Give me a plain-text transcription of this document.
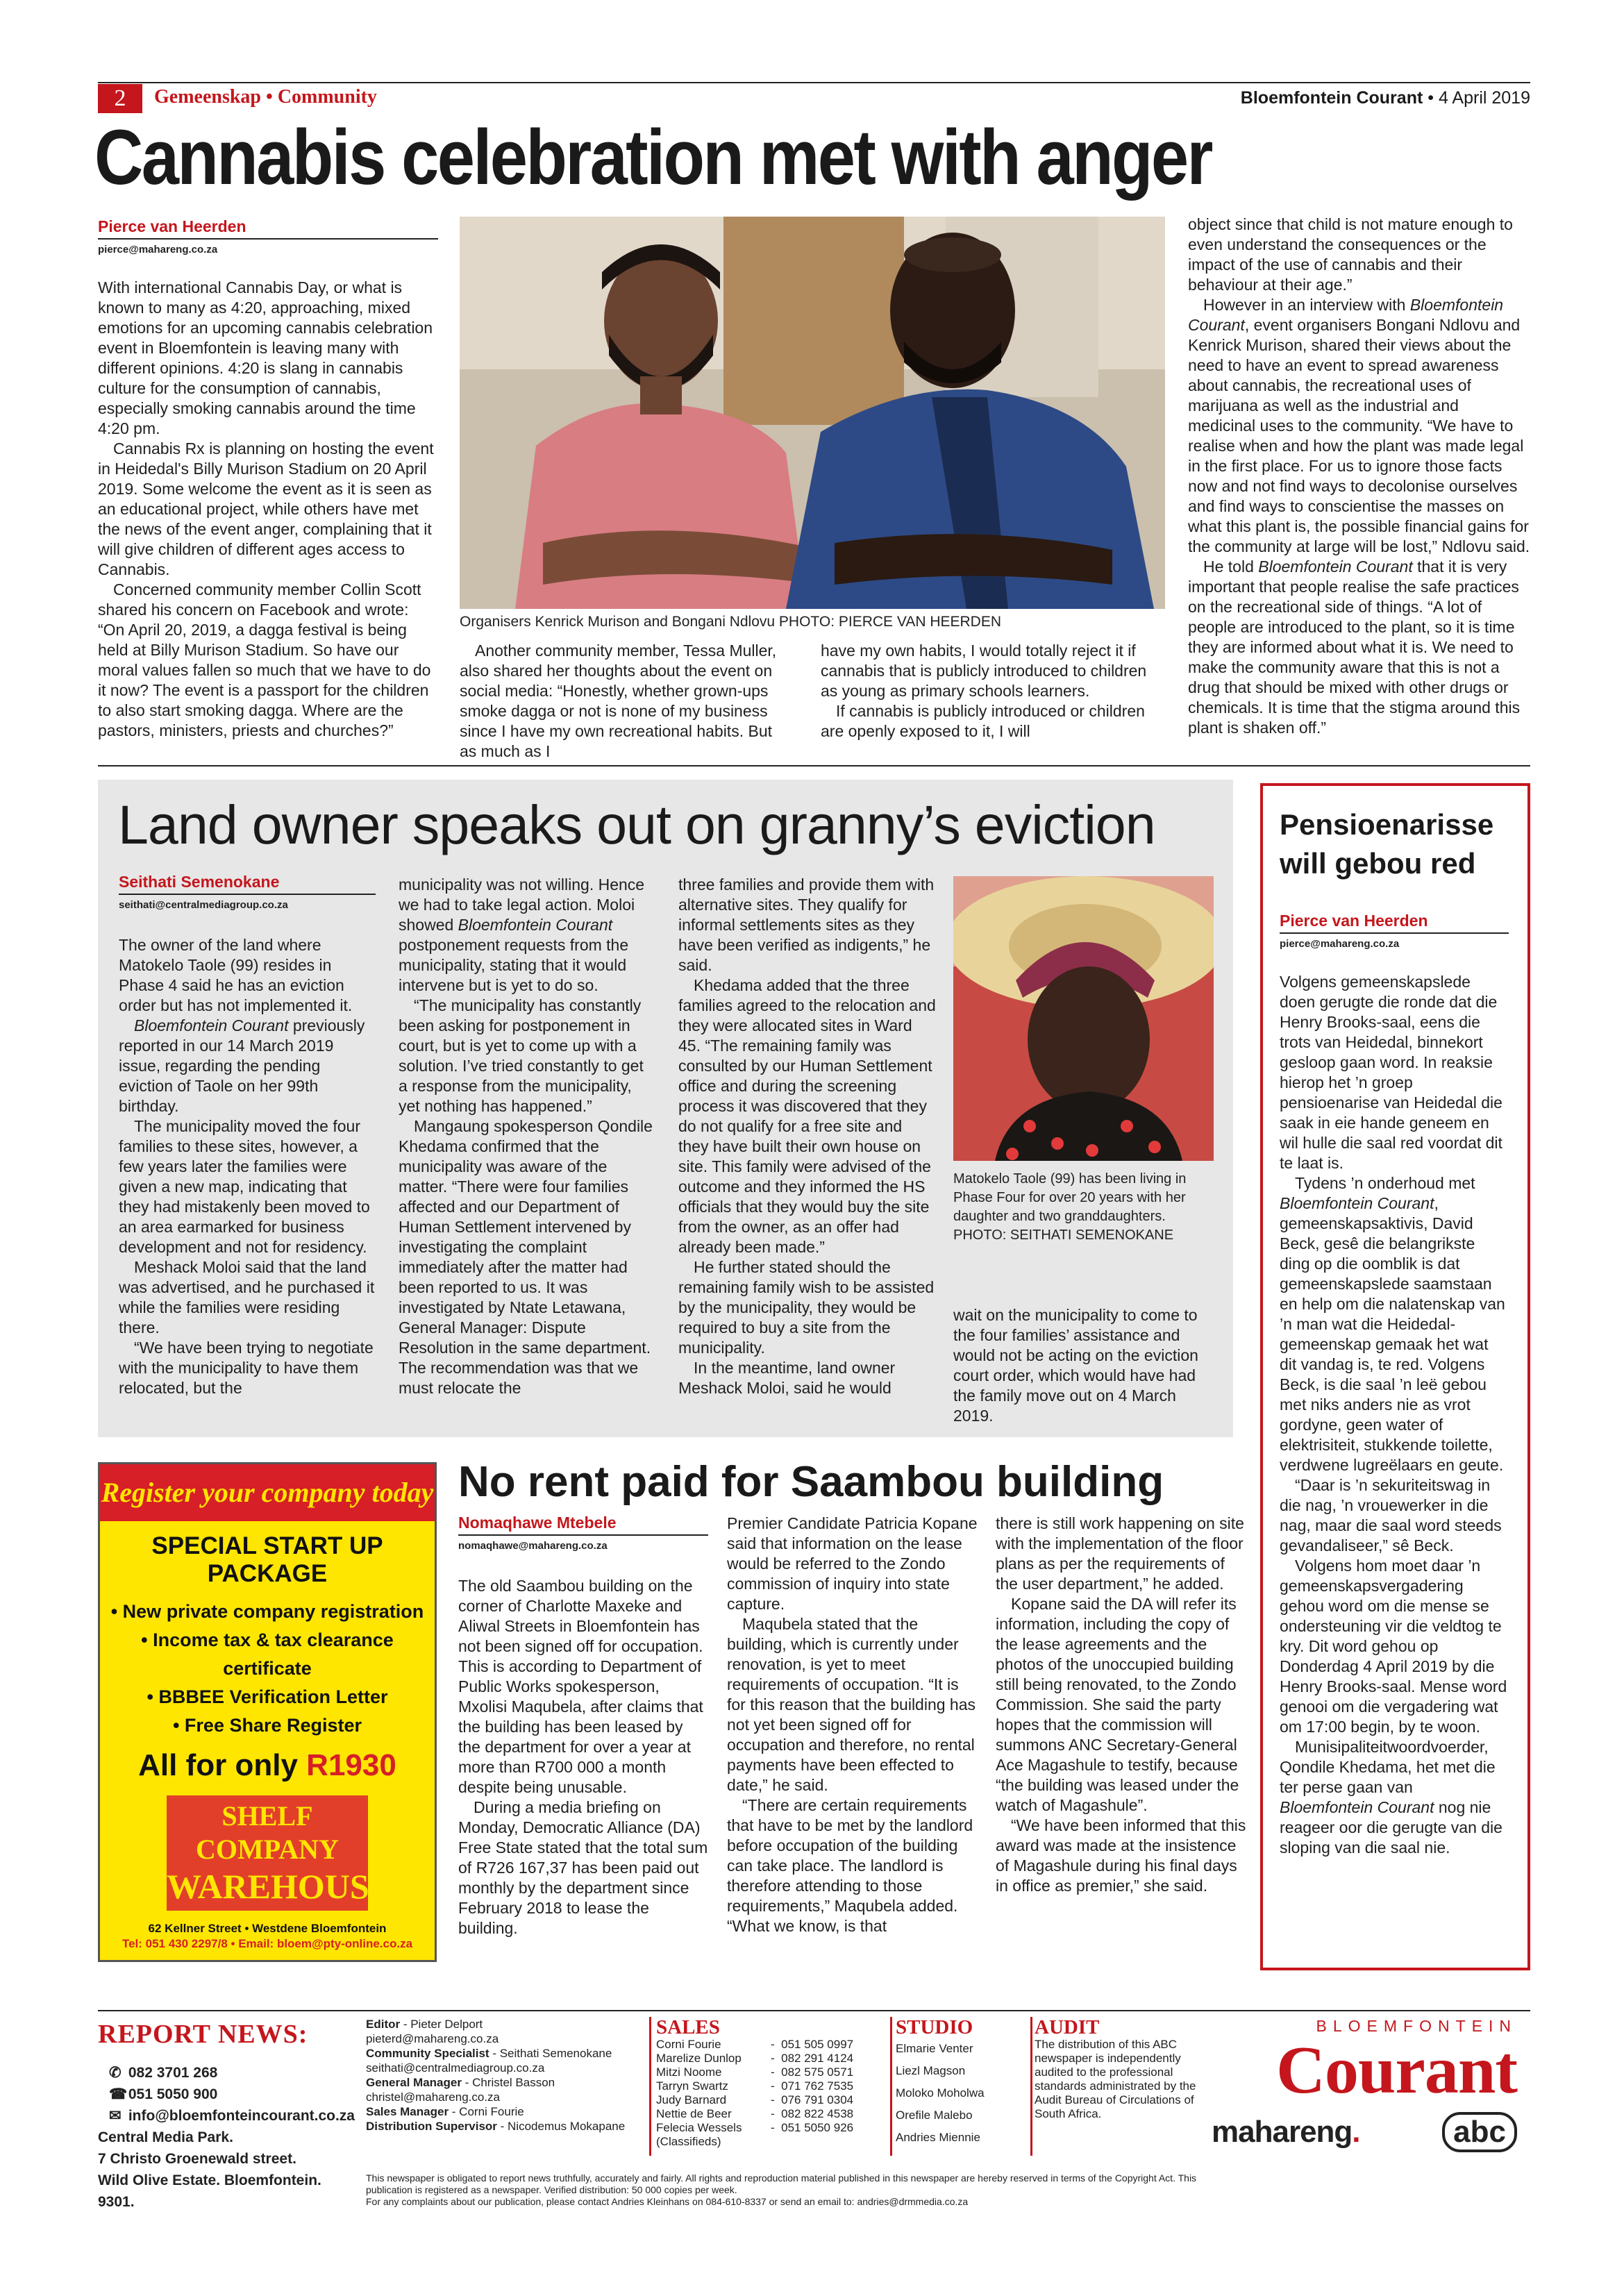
2	Gemeenskap • Community	Bloemfontein Courant • 4 April 2019
Cannabis celebration met with anger
Pierce van Heerden
pierce@mahareng.co.za

With international Cannabis Day, or what is known to many as 4:20, approaching, mixed emotions for an upcoming cannabis celebration event in Bloemfontein is leaving many with different opinions. 4:20 is slang in cannabis culture for the consumption of cannabis, especially smoking cannabis around the time 4:20 pm.

Cannabis Rx is planning on hosting the event in Heidedal's Billy Murison Stadium on 20 April 2019. Some welcome the event as it is seen as an educational project, while others have met the news of the event anger, complaining that it will give children of different ages access to Cannabis.

Concerned community member Collin Scott shared his concern on Facebook and wrote: “On April 20, 2019, a dagga festival is being held at Billy Murison Stadium. So have our moral values fallen so much that we have to do it now? The event is a passport for the children to also start smoking dagga. Where are the pastors, ministers, priests and churches?”

Organisers Kenrick Murison and Bongani Ndlovu PHOTO: PIERCE VAN HEERDEN

Another community member, Tessa Muller, also shared her thoughts about the event on social media: “Honestly, whether grown-ups smoke dagga or not is none of my business since I have my own recreational habits. But as much as I

have my own habits, I would totally reject it if cannabis that is publicly introduced to children as young as primary schools learners.

If cannabis is publicly introduced or children are openly exposed to it, I will

object since that child is not mature enough to even understand the consequences or the impact of the use of cannabis and their behaviour at their age.”

However in an interview with Bloemfontein Courant, event organisers Bongani Ndlovu and Kenrick Murison, shared their views about the need to have an event to spread awareness about cannabis, the recreational uses of marijuana as well as the industrial and medicinal uses to the community. “We have to realise when and how the plant was made legal in the first place. For us to ignore those facts now and not find ways to decolonise ourselves and find ways to conscientise the masses on what this plant is, the possible financial gains for the community at large will be lost,” Ndlovu said.

He told Bloemfontein Courant that it is very important that people realise the safe practices on the recreational side of things. “A lot of people are introduced to the plant, so it is time they are informed about what it is. We need to make the community aware that this is not a drug that should be mixed with other drugs or chemicals. It is time that the stigma around this plant is shaken off.”

Land owner speaks out on granny’s eviction
Seithati Semenokane
seithati@centralmediagroup.co.za

The owner of the land where Matokelo Taole (99) resides in Phase 4 said he has an eviction order but has not implemented it.

Bloemfontein Courant previously reported in our 14 March 2019 issue, regarding the pending eviction of Taole on her 99th birthday.

The municipality moved the four families to these sites, however, a few years later the families were given a new map, indicating that they had mistakenly been moved to an area earmarked for business development and not for residency.

Meshack Moloi said that the land was advertised, and he purchased it while the families were residing there.

“We have been trying to negotiate with the municipality to have them relocated, but the

municipality was not willing. Hence we had to take legal action. Moloi showed Bloemfontein Courant postponement requests from the municipality, stating that it would intervene but is yet to do so.

“The municipality has constantly been asking for postponement in court, but is yet to come up with a solution. I’ve tried constantly to get a response from the municipality, yet nothing has happened.”

Mangaung spokesperson Qondile Khedama confirmed that the municipality was aware of the matter. “There were four families affected and our Department of Human Settlement intervened by investigating the complaint immediately after the matter had been reported to us. It was investigated by Ntate Letawana, General Manager: Dispute Resolution in the same department. The recommendation was that we must relocate the

three families and provide them with alternative sites. They qualify for informal settlements sites as they have been verified as indigents,” he said.

Khedama added that the three families agreed to the relocation and they were allocated sites in Ward 45. “The remaining family was consulted by our Human Settlement office and during the screening process it was discovered that they do not qualify for a free site and they have built their own house on site. This family were advised of the outcome and they informed the HS officials that they would buy the site from the owner, as an offer had already been made.”

He further stated should the remaining family wish to be assisted by the municipality, they would be required to buy a site from the municipality.

In the meantime, land owner Meshack Moloi, said he would

Matokelo Taole (99) has been living in Phase Four for over 20 years with her daughter and two granddaughters. PHOTO: SEITHATI SEMENOKANE

wait on the municipality to come to the four families’ assistance and would not be acting on the eviction court order, which would have had the family move out on 4 March 2019.

Pensioenarisse will gebou red
Pierce van Heerden
pierce@mahareng.co.za

Volgens gemeenskapslede doen gerugte die ronde dat die Henry Brooks-saal, eens die trots van Heidedal, binnekort gesloop gaan word. In reaksie hierop het ’n groep pensioenarise van Heidedal die saak in eie hande geneem en wil hulle die saal red voordat dit te laat is.

Tydens ’n onderhoud met Bloemfontein Courant, gemeenskapsaktivis, David Beck, gesê die belangrikste ding op die oomblik is dat gemeenskapslede saamstaan en help om die nalatenskap van ’n man wat die Heidedal-gemeenskap gemaak het wat dit vandag is, te red. Volgens Beck, is die saal ’n leë gebou met niks anders nie as vrot gordyne, geen water of elektrisiteit, stukkende toilette, verdwene lugreëlaars en geute.

“Daar is ’n sekuriteitswag in die nag, ’n vrouewerker in die nag, maar die saal word steeds gevandaliseer,” sê Beck.

Volgens hom moet daar ’n gemeenskapsvergadering gehou word om die mense se ondersteuning vir die veldtog te kry. Dit word gehou op Donderdag 4 April 2019 by die Henry Brooks-saal. Mense word genooi om die vergadering wat om 17:00 begin, by te woon.

Munisipaliteitwoordvoerder, Qondile Khedama, het met die ter perse gaan van Bloemfontein Courant nog nie reageer oor die gerugte van die sloping van die saal nie.

Register your company today
SPECIAL START UP PACKAGE
• New private company registration
• Income tax & tax clearance certificate
• BBBEE Verification Letter
• Free Share Register
All for only R1930
SHELF COMPANY
WAREHOUSE
62 Kellner Street • Westdene Bloemfontein
Tel: 051 430 2297/8 • Email: bloem@pty-online.co.za
No rent paid for Saambou building
Nomaqhawe Mtebele
nomaqhawe@mahareng.co.za

The old Saambou building on the corner of Charlotte Maxeke and Aliwal Streets in Bloemfontein has not been signed off for occupation. This is according to Department of Public Works spokesperson, Mxolisi Maqubela, after claims that the building has been leased by the department for over a year at more than R700 000 a month despite being unusable.

During a media briefing on Monday, Democratic Alliance (DA) Free State stated that the total sum of R726 167,37 has been paid out monthly by the department since February 2018 to lease the building.

Premier Candidate Patricia Kopane said that information on the lease would be referred to the Zondo commission of inquiry into state capture.

Maqubela stated that the building, which is currently under renovation, is yet to meet requirements of occupation. “It is for this reason that the building has not yet been signed off for occupation and therefore, no rental payments have been effected to date,” he said.

“There are certain requirements that have to be met by the landlord before occupation of the building can take place. The landlord is therefore attending to those requirements,” Maqubela added. “What we know, is that

there is still work happening on site with the implementation of the floor plans as per the requirements of the user department,” he added.

Kopane said the DA will refer its information, including the copy of the lease agreements and the photos of the unoccupied building still being renovated, to the Zondo Commission. She said the party hopes that the commission will summons ANC Secretary-General Ace Magashule to testify, because “the building was leased under the watch of Magashule”.

“We have been informed that this award was made at the insistence of Magashule during his final days in office as premier,” she said.

REPORT NEWS:
✆ 082 3701 268
☎ 051 5050 900
✉ info@bloemfonteincourant.co.za
Central Media Park.
7 Christo Groenewald street.
Wild Olive Estate. Bloemfontein. 9301.
Editor - Pieter Delport
pieterd@mahareng.co.za
Community Specialist - Seithati Semenokane
seithati@centralmediagroup.co.za
General Manager - Christel Basson
christel@mahareng.co.za
Sales Manager - Corni Fourie
Distribution Supervisor - Nicodemus Mokapane
SALES
Corni Fourie	- 051 505 0997
Marelize Dunlop	- 082 291 4124
Mitzi Noome	- 082 575 0571
Tarryn Swartz	- 071 762 7535
Judy Barnard	- 076 791 0304
Nettie de Beer	- 082 822 4538
Felecia Wessels	- 051 5050 926
(Classifieds)
STUDIO
Elmarie Venter
Liezl Magson
Moloko Moholwa
Orefile Malebo
Andries Miennie
AUDIT
The distribution of this ABC newspaper is independently audited to the professional standards administrated by the Audit Bureau of Circulations of South Africa.
BLOEMFONTEIN
Courant
mahareng.	abc
This newspaper is obligated to report news truthfully, accurately and fairly. All rights and reproduction material published in this newspaper are hereby reserved in terms of the Copyright Act. This publication is registered as a newspaper. Verified distribution: 50 000 copies per week.
For any complaints about our publication, please contact Andries Kleinhans on 084-610-8337 or send an email to: andries@drmmedia.co.za
